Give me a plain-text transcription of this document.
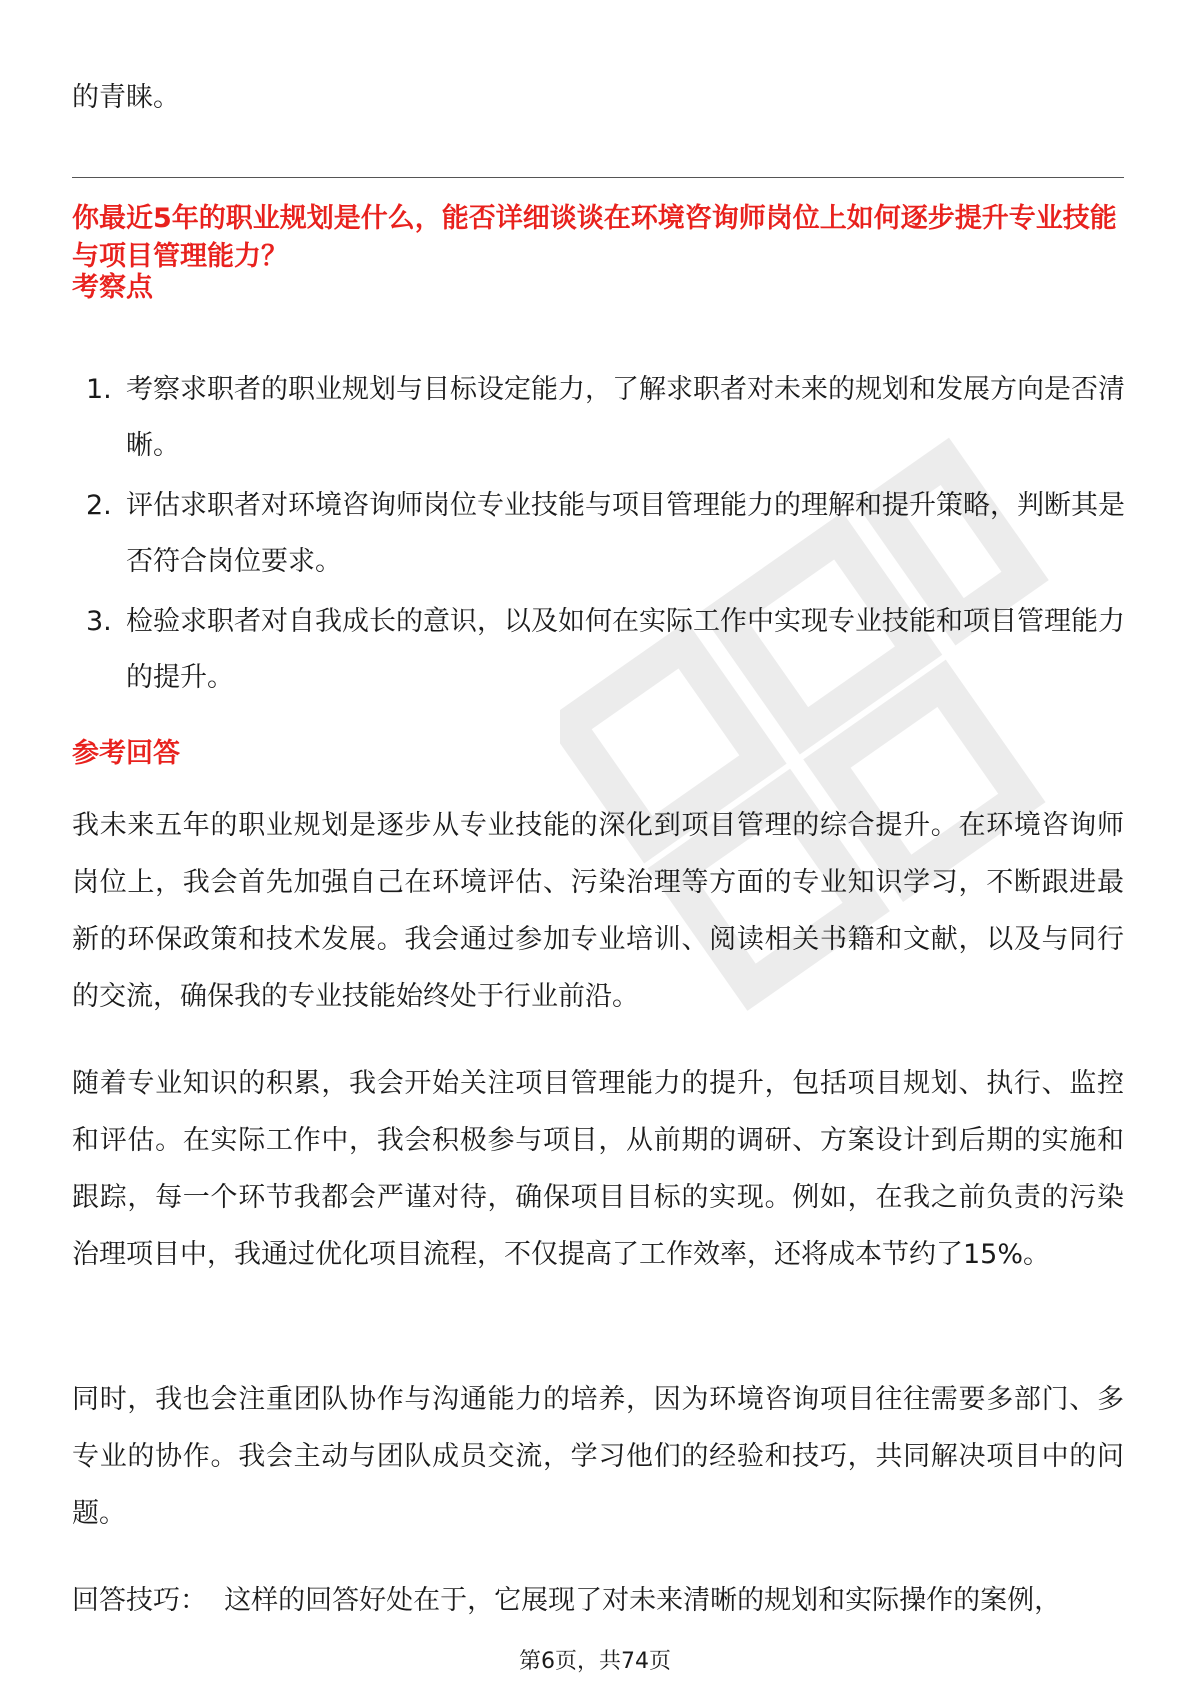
的青睐。
你最近5年的职业规划是什么，能否详细谈谈在环境咨询师岗位上如何逐步提升专业技能与项目管理能力？
考察点
1. 考察求职者的职业规划与目标设定能力，了解求职者对未来的规划和发展方向是否清晰。
2. 评估求职者对环境咨询师岗位专业技能与项目管理能力的理解和提升策略，判断其是否符合岗位要求。
3. 检验求职者对自我成长的意识，以及如何在实际工作中实现专业技能和项目管理能力的提升。
参考回答

我未来五年的职业规划是逐步从专业技能的深化到项目管理的综合提升。在环境咨询师岗位上，我会首先加强自己在环境评估、污染治理等方面的专业知识学习，不断跟进最新的环保政策和技术发展。我会通过参加专业培训、阅读相关书籍和文献，以及与同行的交流，确保我的专业技能始终处于行业前沿。

随着专业知识的积累，我会开始关注项目管理能力的提升，包括项目规划、执行、监控和评估。在实际工作中，我会积极参与项目，从前期的调研、方案设计到后期的实施和跟踪，每一个环节我都会严谨对待，确保项目目标的实现。例如，在我之前负责的污染治理项目中，我通过优化项目流程，不仅提高了工作效率，还将成本节约了15%。

同时，我也会注重团队协作与沟通能力的培养，因为环境咨询项目往往需要多部门、多专业的协作。我会主动与团队成员交流，学习他们的经验和技巧，共同解决项目中的问题。

回答技巧：  这样的回答好处在于，它展现了对未来清晰的规划和实际操作的案例，

第6页，共74页
